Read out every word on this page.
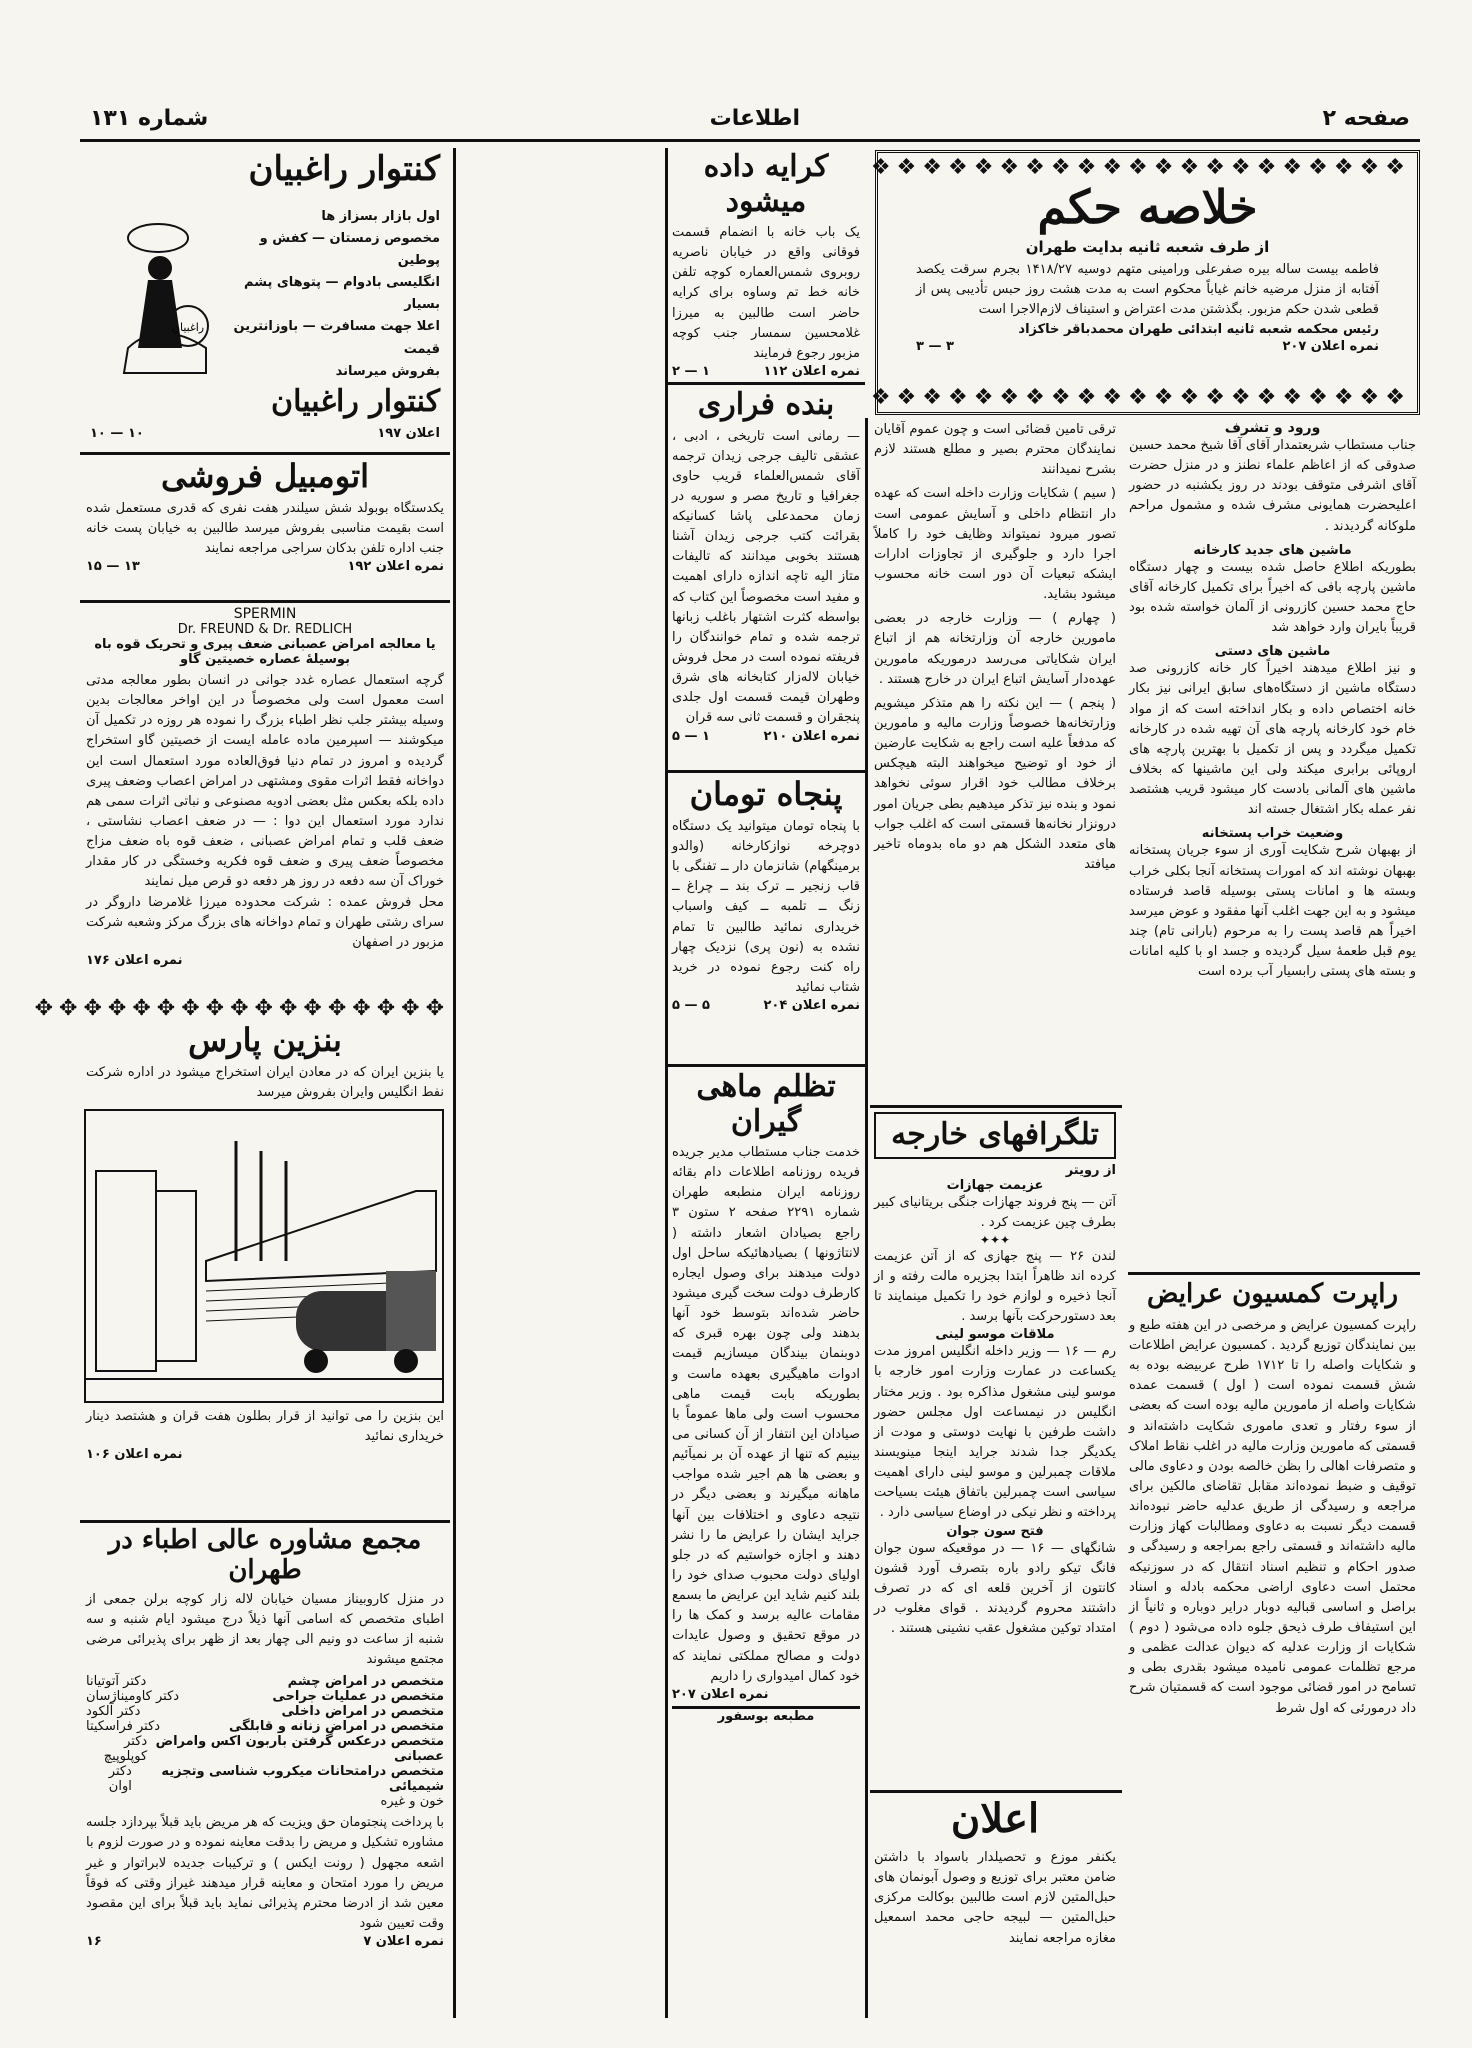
صفحه ۲
اطلاعات
شماره ۱۳۱
❖❖❖❖❖❖❖❖❖❖❖❖❖❖❖❖❖❖❖❖❖
خلاصه حکم
از طرف شعبه ثانیه بدایت طهران
فاطمه بیست ساله بیره صفرعلی ورامینی متهم دوسیه ۱۴۱۸/۲۷ بجرم سرقت یکصد آفتابه از منزل مرضیه خانم غیاباً محکوم است به مدت هشت روز حبس تأدیبی پس از قطعی شدن حکم مزبور. بگذشتن مدت اعتراض و استیناف لازم‌الاجرا است
رئیس محکمه شعبه ثانیه ابتدائی طهران محمدباقر خاکزاد
نمره اعلان ۲۰۷
۳ — ۳
❖❖❖❖❖❖❖❖❖❖❖❖❖❖❖❖❖❖❖❖❖
ورود و تشرف
جناب مستطاب شریعتمدار آقای آقا شیخ محمد حسین صدوقی که از اعاظم علماء نطنز و در منزل حضرت آقای اشرفی متوقف بودند در روز یکشنبه در حضور اعلیحضرت همایونی مشرف شده و مشمول مراحم ملوکانه گردیدند .
ماشین های جدید کارخانه
بطوریکه اطلاع حاصل شده بیست و چهار دستگاه ماشین پارچه بافی که اخیراً برای تکمیل کارخانه آقای حاج محمد حسین کازرونی از آلمان خواسته شده بود قریباً بایران وارد خواهد شد
ماشین های دستی
و نیز اطلاع میدهند اخیراً کار خانه کازرونی صد دستگاه ماشین از دستگاه‌های سابق ایرانی نیز بکار خانه اختصاص داده و بکار انداخته است که از مواد خام خود کارخانه پارچه های آن تهیه شده در کارخانه تکمیل میگردد و پس از تکمیل با بهترین پارچه های اروپائی برابری میکند ولی این ماشینها که بخلاف ماشین های آلمانی بادست کار میشود قریب هشتصد نفر عمله بکار اشتغال جسته اند
وضعیت خراب پستخانه
از بهبهان شرح شکایت آوری از سوء جریان پستخانه بهبهان نوشته اند که امورات پستخانه آنجا بکلی خراب وبسته ها و امانات پستی بوسیله قاصد فرستاده میشود و به این جهت اغلب آنها مفقود و عوض میرسد اخیراً هم قاصد پست را به مرحوم (بارانی تام) چند یوم قبل طعمهٔ سیل گردیده و جسد او با کلیه امانات و بسته های پستی رابسیار آب برده است
راپرت کمسیون عرایض
راپرت کمسیون عرایض و مرخصی در این هفته طبع و بین نمایندگان توزیع گردید . کمسیون عرایض اطلاعات و شکایات واصله را تا ۱۷۱۲ طرح عربیضه بوده به شش قسمت نموده است ( اول ) قسمت عمده شکایات واصله از مامورین مالیه بوده است که بعضی از سوء رفتار و تعدی ماموری شکایت داشته‌اند و قسمتی که مامورین وزارت مالیه در اغلب نقاط املاک و متصرفات اهالی را بظن خالصه بودن و دعاوی مالی توقیف و ضبط نموده‌اند مقابل تقاضای مالکین برای مراجعه و رسیدگی از طریق عدلیه حاضر نبوده‌اند قسمت دیگر نسبت به دعاوی ومطالبات کهاز وزارت مالیه داشته‌اند و قسمتی راجع بمراجعه و رسیدگی و صدور احکام و تنظیم اسناد انتقال که در سوزنیکه محتمل است دعاوی اراضی محکمه بادله و اسناد براصل و اساسی قبالیه دوبار درایر دوباره و ثانیاً از این استیفاف طرف ذیحق جلوه داده می‌شود ( دوم ) شکایات از وزارت عدلیه که دیوان عدالت عظمی و مرجع تظلمات عمومی نامیده میشود بقدری بطی و تسامح در امور قضائی موجود است که قسمتیان شرح داد درمورئی که اول شرط
ترقی تامین قضائی است و چون عموم آقایان نمایندگان محترم بصیر و مطلع هستند لازم بشرح نمیدانند
( سیم ) شکایات وزارت داخله است که عهده دار انتظام داخلی و آسایش عمومی است تصور میرود نمیتواند وظایف خود را کاملاً اجرا دارد و جلوگیری از تجاوزات ادارات ایشکه تبعیات آن دور است خانه محسوب میشود بشاید.
( چهارم ) — وزارت خارجه در بعضی مامورین خارجه آن وزارتخانه هم از اتباع ایران شکایاتی می‌رسد درموریکه مامورین عهده‌دار آسایش اتباع ایران در خارج هستند .
( پنجم ) — این نکته را هم متذکر میشویم وزارتخانه‌ها خصوصاً وزارت مالیه و مامورین که مدفعاً علیه است راجع به شکایت عارضین از خود او توضیح میخواهند البته هیچکس برخلاف مطالب خود اقرار سوئی نخواهد نمود و بنده نیز تذکر میدهیم بطی جریان امور درونزار نخانه‌ها قسمتی است که اغلب جواب های متعدد الشکل هم دو ماه بدوماه تاخیر میافتد
تلگرافهای خارجه
از رویتر
عزیمت جهازات
آتن — پنج فروند جهازات جنگی بریتانیای کبیر بطرف چین عزیمت کرد .
✦✦✦
لندن ۲۶ — پنج جهازی که از آتن عزیمت کرده اند ظاهراً ابتدا بجزیره مالت رفته و از آنجا ذخیره و لوازم خود را تکمیل مینمایند تا بعد دستورحرکت بآنها برسد .
ملاقات موسو لینی
رم — ۱۶ — وزیر داخله انگلیس امروز مدت یکساعت در عمارت وزارت امور خارجه با موسو لینی مشغول مذاکره بود . وزیر مختار انگلیس در نیمساعت اول مجلس حضور داشت طرفین با نهایت دوستی و مودت از یکدیگر جدا شدند جراید اینجا مینویسند ملاقات چمبرلین و موسو لینی دارای اهمیت سیاسی است چمبرلین باتفاق هیئت بسیاحت پرداخته و نظر نیکی در اوضاع سیاسی دارد .
فتح سون جوان
شانگهای — ۱۶ — در موقعیکه سون جوان فانگ تیکو رادو باره بتصرف آورد قشون کانتون از آخرین قلعه ای که در تصرف داشتند محروم گردیدند . قوای مغلوب در امتداد توکین مشغول عقب نشینی هستند .
اعلان
یکنفر موزع و تحصیلدار باسواد با داشتن ضامن معتبر برای توزیع و وصول آبونمان های حبل‌المتین لازم است طالبین بوکالت مرکزی حبل‌المتین — لبیجه حاجی محمد اسمعیل مغازه مراجعه نمایند
کرایه داده میشود
یک باب خانه با انضمام قسمت فوقانی واقع در خیابان ناصریه روبروی شمس‌العماره کوچه تلفن خانه خط تم وساوه برای کرایه حاضر است طالبین به میرزا غلامحسین سمسار جنب کوچه مزبور رجوع فرمایند
نمره اعلان ۱۱۲
۱ — ۲
بنده فراری
— رمانی است تاریخی ، ادبی ، عشقی تالیف جرجی زیدان ترجمه آقای شمس‌العلماء قریب حاوی جغرافیا و تاریخ مصر و سوریه در زمان محمدعلی پاشا کسانیکه بقرائت کتب جرجی زیدان آشنا هستند بخوبی میدانند که تالیفات متاز الیه تاچه اندازه دارای اهمیت و مفید است مخصوصاً این کتاب که بواسطه کثرت اشتهار باغلب زبانها ترجمه شده و تمام خوانندگان را فریفته نموده است در محل فروش خیابان لاله‌زار کتابخانه های شرق وطهران قیمت قسمت اول جلدی پنجقران و قسمت ثانی سه قران
نمره اعلان ۲۱۰
۱ — ۵
پنجاه تومان
با پنجاه تومان میتوانید یک دستگاه دوچرخه نوازکارخانه (والدو برمینگهام) شانزمان دار ــ تفنگی با قاب زنجیر ــ ترک بند ــ چراغ ــ زنگ ــ تلمبه ــ کیف واسباب خریداری نمائید طالبین تا تمام نشده به (نون پری) نزدیک چهار راه کنت رجوع نموده در خرید شتاب نمائید
نمره اعلان ۲۰۴
۵ — ۵
تظلم ماهی گیران
خدمت جناب مستطاب مدیر جریده فریده روزنامه اطلاعات دام بقائه روزنامه ایران منطبعه طهران شماره ۲۲۹۱ صفحه ۲ ستون ۳ راجع بصیادان اشعار داشته ( لانتاژونها ) بصیادهائیکه ساحل اول دولت میدهند برای وصول ایجاره کارطرف دولت سخت گیری میشود حاضر شده‌اند بتوسط خود آنها بدهند ولی چون بهره قبرى که دوبنمان بیندگان میسازیم قیمت ادوات ماهیگیری بعهده ماست و بطوریکه بابت قیمت ماهی محسوب است ولی ماها عموماً با صیادان این انتفار از آن کسانی می بینیم که تنها از عهده آن بر نمیآئیم و بعضی ها هم اجیر شده مواجب ماهانه میگیرند و بعضی دیگر در نتیجه دعاوی و اختلافات بین آنها جراید ایشان را عرایض ما را نشر دهند و اجازه خواستیم که در جلو اولیای دولت محبوب صدای خود را بلند کنیم شاید این عرایض ما بسمع مقامات عالیه برسد و کمک ها را در موقع تحقیق و وصول عایدات دولت و مصالح مملکتی نمایند که خود کمال امیدواری را داریم
نمره اعلان ۲۰۷
مطبعه بوسفور
کنتوار راغبیان
راغبیان
اول بازار بسزاز ها
مخصوص زمستان — کفش و پوطین
انگلیسی بادوام — پتوهای پشم بسیار
اعلا جهت مسافرت — باوزانترین قیمت
بفروش میرساند
کنتوار راغبیان
اعلان ۱۹۷
۱۰ — ۱۰
اتومبیل فروشی
یکدستگاه بوبولد شش سیلندر هفت نفری که قدری مستعمل شده است بقیمت مناسبی بفروش میرسد طالبین به خیابان پست خانه جنب اداره تلفن بدکان سراجی مراجعه نمایند
نمره اعلان ۱۹۲
۱۳ — ۱۵
SPERMIN
Dr. FREUND & Dr. REDLICH
یا معالجه امراض عصبانی ضعف پیری و تحریک قوه باه بوسیلهٔ عصاره خصیتین گاو
گرچه استعمال عصاره غدد جوانی در انسان بطور معالجه مدتی است معمول است ولی مخصوصاً در این اواخر معالجات بدین وسیله بیشتر جلب نظر اطباء بزرگ را نموده هر روزه در تکمیل آن میکوشند — اسپرمین ماده عامله ایست از خصیتین گاو استخراج گردیده و امروز در تمام دنیا فوق‌العاده مورد استعمال است این دواخانه فقط اثرات مقوی ومشتهی در امراض اعصاب وضعف پیری داده بلکه بعکس مثل بعضی ادویه مصنوعی و نباتی اثرات سمی هم ندارد مورد استعمال این دوا : — در ضعف اعصاب نشاستی ، ضعف قلب و تمام امراض عصبانی ، ضعف قوه باه ضعف مزاج مخصوصاً ضعف پیری و ضعف قوه فکریه وخستگی در کار مقدار خوراک آن سه دفعه در روز هر دفعه دو قرص میل نمایند
محل فروش عمده : شرکت محدوده میرزا غلامرضا داروگر در سرای رشتی طهران و تمام دواخانه های بزرگ مرکز وشعبه شرکت مزبور در اصفهان
نمره اعلان ۱۷۶
✥✥✥✥✥✥✥✥✥✥✥✥✥✥✥✥✥
بنزین پارس
یا بنزین ایران که در معادن ایران استخراج میشود در اداره شرکت نفط انگلیس وایران بفروش میرسد
این بنزین را می توانید از قرار بطلون هفت قران و هشتصد دینار خریداری نمائید
نمره اعلان ۱۰۶
مجمع مشاوره عالی اطباء در طهران
در منزل کاروبیناز مسیان خیابان لاله زار کوچه برلن جمعی از اطبای متخصص که اسامی آنها ذیلاً درج میشود ایام شنبه و سه شنبه از ساعت دو ونیم الی چهار بعد از ظهر برای پذیرائی مرضی مجتمع میشوند
متخصص در امراض چشم
دکتر آتوتیانا
متخصص در عملیات جراحی
دکتر کاومیناژسان
متخصص در امراض داخلی
دکتر آلکود
متخصص در امراض زنانه و قابلگی
دکتر فراسکیتا
متخصص درعکس گرفتن باربون اکس وامراض عصبانی
دکتر کوپلوپیچ
متخصص درامتحانات میکروب شناسی وتجزیه شیمیائی
دکتر اوان
خون و غیره
با پرداخت پنجتومان حق ویزیت که هر مریض باید قبلاً بپردازد جلسه مشاوره تشکیل و مریض را بدقت معاینه نموده و در صورت لزوم با اشعه مجهول ( رونت ایکس ) و ترکیبات جدیده لابراتوار و غیر مریض را مورد امتحان و معاینه قرار میدهند غیراز وقتی که فوقاً معین شد از ادرضا محترم پذیرائی نماید باید قبلاً برای این مقصود وقت تعیین شود
نمره اعلان ۷
۱۶
